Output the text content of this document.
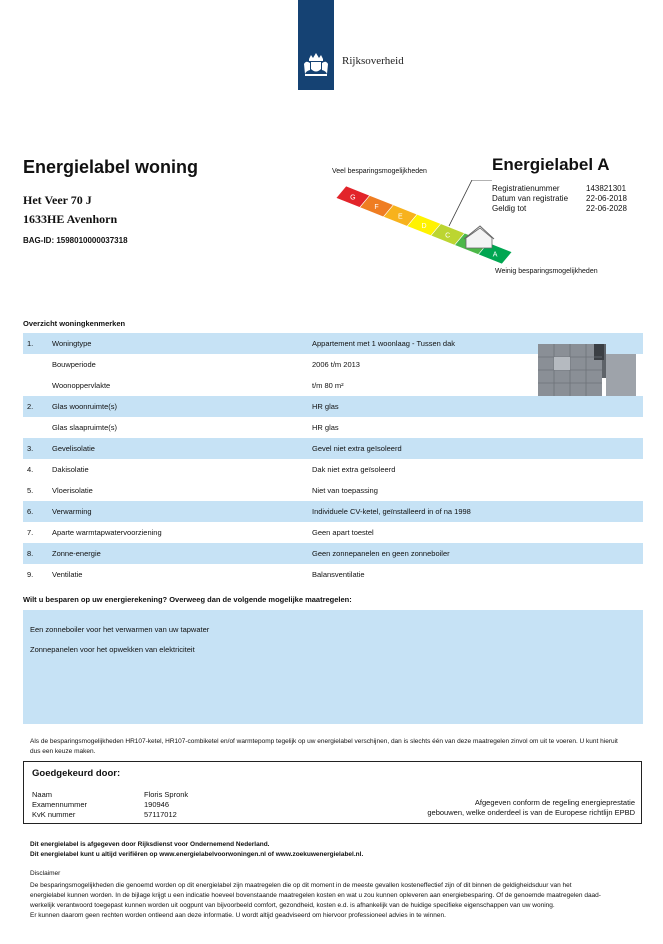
Rijksoverheid
Energielabel woning
Het Veer 70 J
1633HE Avenhorn
BAG-ID: 1598010000037318
Veel besparingsmogelijkheden
G
F
E
D
C
A
Weinig besparingsmogelijkheden
Energielabel A
Registratienummer	143821301
Datum van registratie	22-06-2018
Geldig tot	22-06-2028
Overzicht woningkenmerken
1. Woningtype	Appartement met 1 woonlaag - Tussen dak
Bouwperiode	2006 t/m 2013
Woonoppervlakte	t/m 80 m²
2. Glas woonruimte(s)	HR glas
Glas slaapruimte(s)	HR glas
3. Gevelisolatie	Gevel niet extra geïsoleerd
4. Dakisolatie	Dak niet extra geïsoleerd
5. Vloerisolatie	Niet van toepassing
6. Verwarming	Individuele CV-ketel, geïnstalleerd in of na 1998
7. Aparte warmtapwatervoorziening	Geen apart toestel
8. Zonne-energie	Geen zonnepanelen en geen zonneboiler
9. Ventilatie	Balansventilatie
Wilt u besparen op uw energierekening? Overweeg dan de volgende mogelijke maatregelen:
Een zonneboiler voor het verwarmen van uw tapwater
Zonnepanelen voor het opwekken van elektriciteit
Als de besparingsmogelijkheden HR107-ketel, HR107-combiketel en/of warmtepomp tegelijk op uw energielabel verschijnen, dan is slechts één van deze maatregelen zinvol om uit te voeren. U kunt hieruit dus een keuze maken.
Goedgekeurd door:
Naam	Floris Spronk
Examennummer	190946
KvK nummer	57117012
Afgegeven conform de regeling energieprestatie
gebouwen, welke onderdeel is van de Europese richtlijn EPBD
Dit energielabel is afgegeven door Rijksdienst voor Ondernemend Nederland.
Dit energielabel kunt u altijd verifiëren op www.energielabelvoorwoningen.nl of www.zoekuwenergielabel.nl.
Disclaimer
De besparingsmogelijkheden die genoemd worden op dit energielabel zijn maatregelen die op dit moment in de meeste gevallen kosteneffectief zijn of dit binnen de geldigheidsduur van het
energielabel kunnen worden. In de bijlage krijgt u een indicatie hoeveel bovenstaande maatregelen kosten en wat u zou kunnen opleveren aan energiebesparing. Of de genoemde maatregelen daad-
werkelijk verantwoord toegepast kunnen worden uit oogpunt van bijvoorbeeld comfort, gezondheid, kosten e.d. is afhankelijk van de huidige specifieke eigenschappen van uw woning.
Er kunnen daarom geen rechten worden ontleend aan deze informatie. U wordt altijd geadviseerd om hiervoor professioneel advies in te winnen.
